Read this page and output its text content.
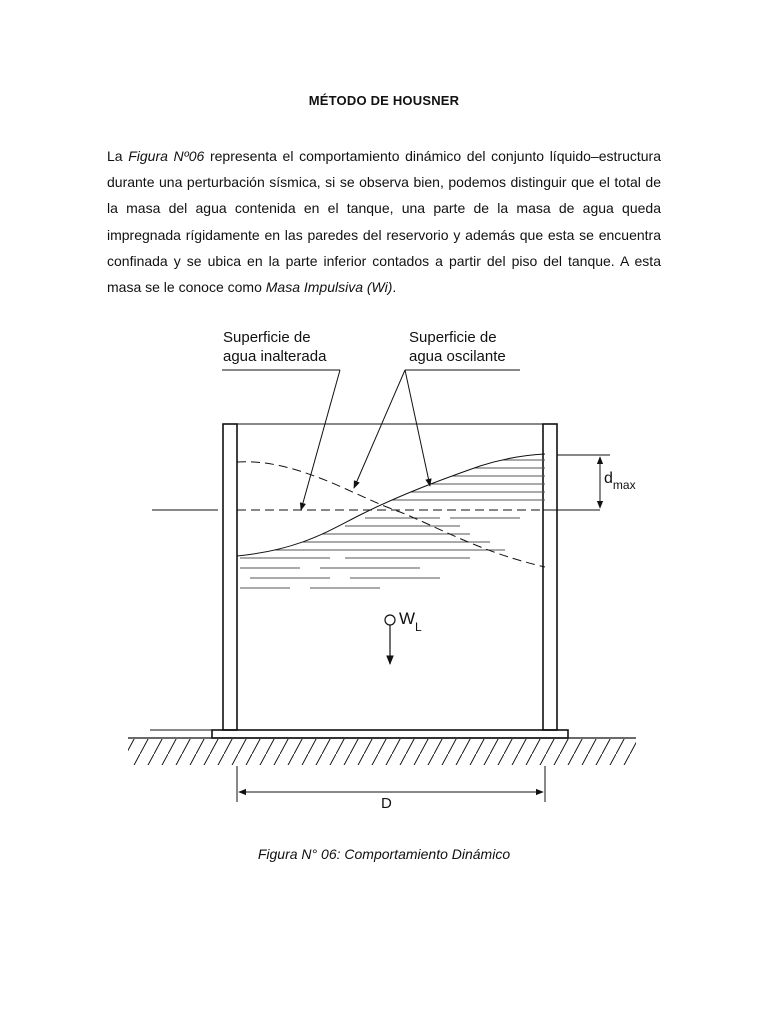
MÉTODO DE HOUSNER

La Figura Nº06 representa el comportamiento dinámico del conjunto líquido–estructura durante una perturbación sísmica, si se observa bien, podemos distinguir que el total de la masa del agua contenida en el tanque, una parte de la masa de agua queda impregnada rígidamente en las paredes del reservorio y además que esta se encuentra confinada y se ubica en la parte inferior contados a partir del piso del tanque. A esta masa se le conoce como Masa Impulsiva (Wi).

$d_{max}$
Superficie de
agua inalterada
Superficie de
agua oscilante
$W_L$
D
Figura N° 06: Comportamiento Dinámico
